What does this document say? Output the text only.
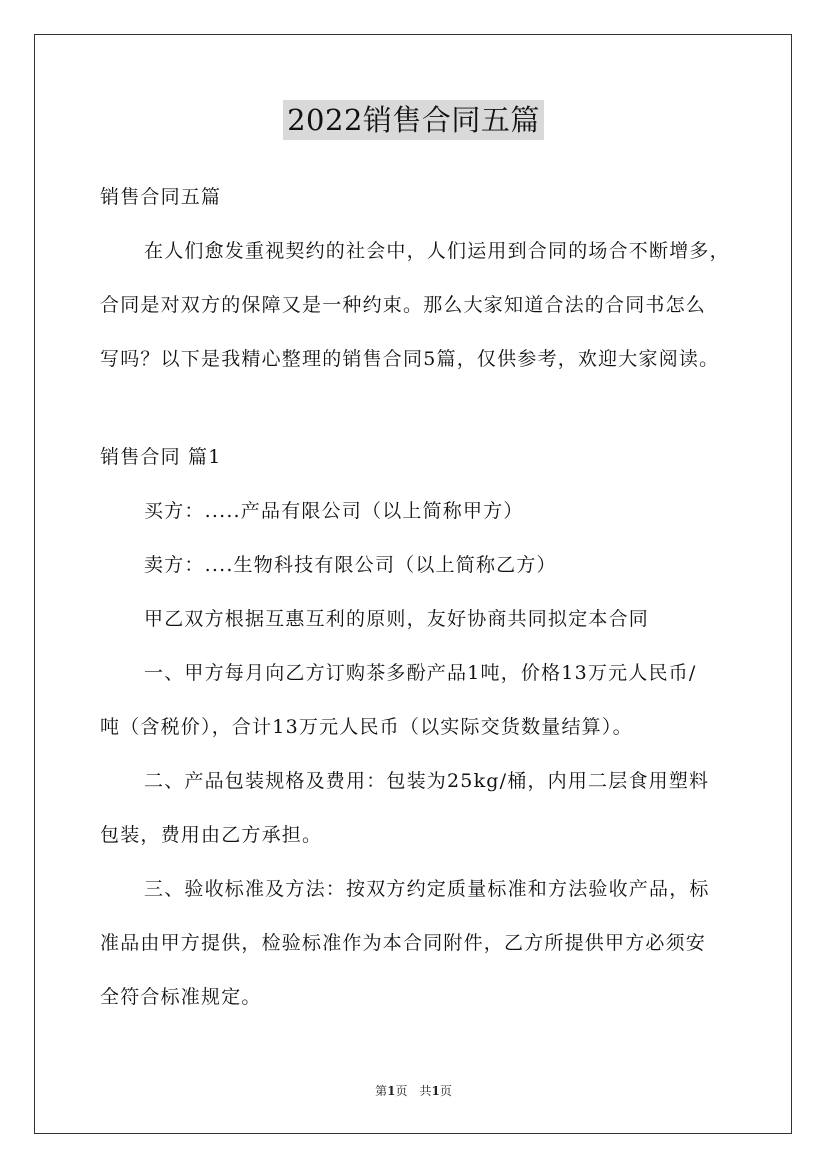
2022销售合同五篇

销售合同五篇

在人们愈发重视契约的社会中，人们运用到合同的场合不断增多，

合同是对双方的保障又是一种约束。那么大家知道合法的合同书怎么

写吗？以下是我精心整理的销售合同5篇，仅供参考，欢迎大家阅读。

销售合同 篇1

买方：.....产品有限公司（以上简称甲方）

卖方：....生物科技有限公司（以上简称乙方）

甲乙双方根据互惠互利的原则，友好协商共同拟定本合同

一、甲方每月向乙方订购茶多酚产品1吨，价格13万元人民币/

吨（含税价），合计13万元人民币（以实际交货数量结算）。

二、产品包装规格及费用：包装为25kg/桶，内用二层食用塑料

包装，费用由乙方承担。

三、验收标准及方法：按双方约定质量标准和方法验收产品，标

准品由甲方提供，检验标准作为本合同附件，乙方所提供甲方必须安

全符合标准规定。

第1页　共1页
